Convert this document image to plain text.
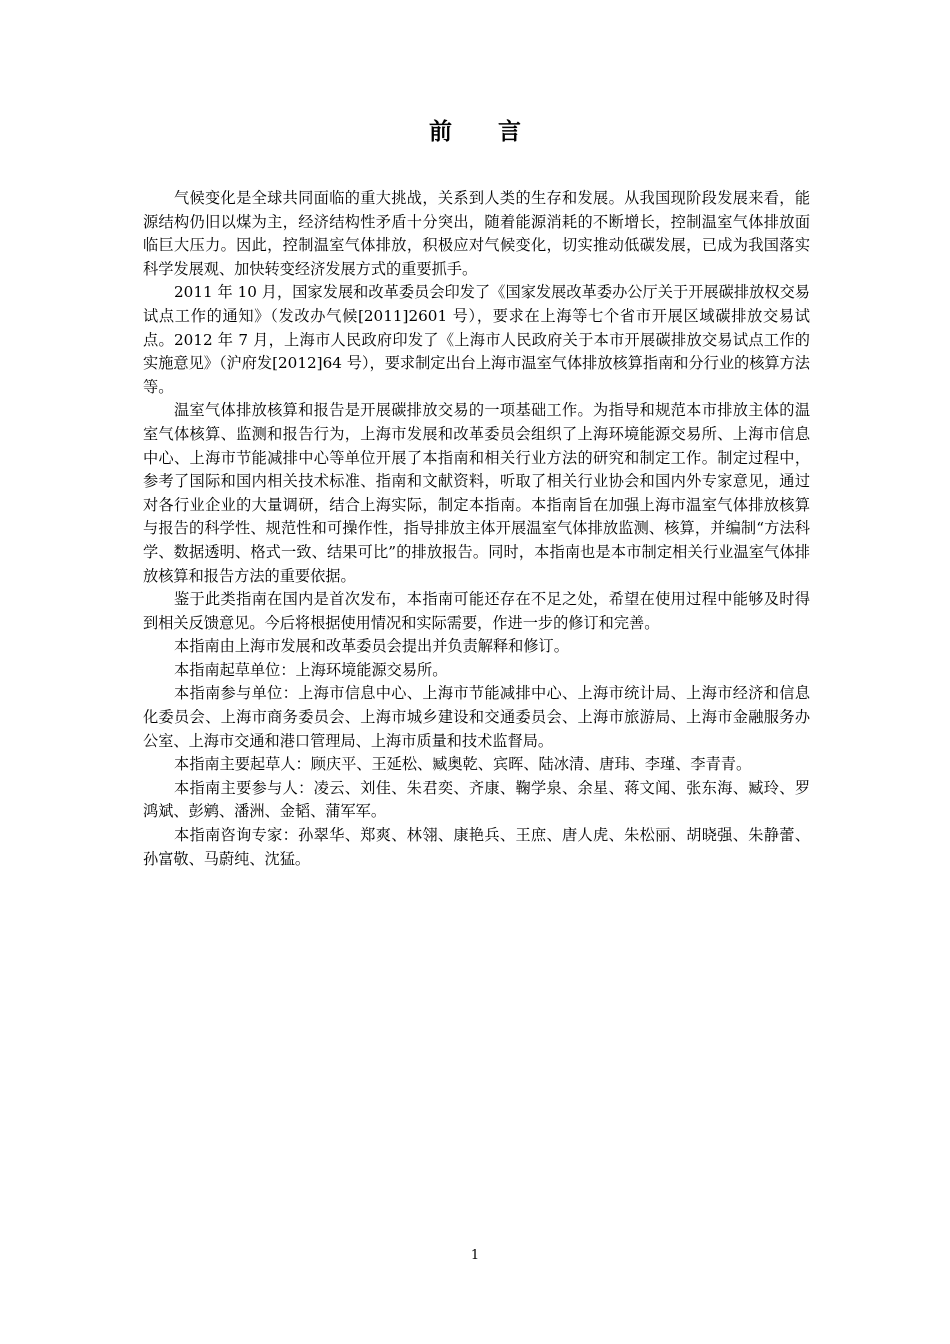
前言

气候变化是全球共同面临的重大挑战，关系到人类的生存和发展。从我国现阶段发展来看，能源结构仍旧以煤为主，经济结构性矛盾十分突出，随着能源消耗的不断增长，控制温室气体排放面临巨大压力。因此，控制温室气体排放，积极应对气候变化，切实推动低碳发展，已成为我国落实科学发展观、加快转变经济发展方式的重要抓手。

2011 年 10 月，国家发展和改革委员会印发了《国家发展改革委办公厅关于开展碳排放权交易试点工作的通知》（发改办气候[2011]2601 号），要求在上海等七个省市开展区域碳排放交易试点。2012 年 7 月，上海市人民政府印发了《上海市人民政府关于本市开展碳排放交易试点工作的实施意见》（沪府发[2012]64 号），要求制定出台上海市温室气体排放核算指南和分行业的核算方法等。

温室气体排放核算和报告是开展碳排放交易的一项基础工作。为指导和规范本市排放主体的温室气体核算、监测和报告行为，上海市发展和改革委员会组织了上海环境能源交易所、上海市信息中心、上海市节能减排中心等单位开展了本指南和相关行业方法的研究和制定工作。制定过程中，参考了国际和国内相关技术标准、指南和文献资料，听取了相关行业协会和国内外专家意见，通过对各行业企业的大量调研，结合上海实际，制定本指南。本指南旨在加强上海市温室气体排放核算与报告的科学性、规范性和可操作性，指导排放主体开展温室气体排放监测、核算，并编制“方法科学、数据透明、格式一致、结果可比”的排放报告。同时，本指南也是本市制定相关行业温室气体排放核算和报告方法的重要依据。

鉴于此类指南在国内是首次发布，本指南可能还存在不足之处，希望在使用过程中能够及时得到相关反馈意见。今后将根据使用情况和实际需要，作进一步的修订和完善。

本指南由上海市发展和改革委员会提出并负责解释和修订。

本指南起草单位：上海环境能源交易所。

本指南参与单位：上海市信息中心、上海市节能减排中心、上海市统计局、上海市经济和信息化委员会、上海市商务委员会、上海市城乡建设和交通委员会、上海市旅游局、上海市金融服务办公室、上海市交通和港口管理局、上海市质量和技术监督局。

本指南主要起草人：顾庆平、王延松、臧奥乾、宾晖、陆冰清、唐玮、李瑾、李青青。

本指南主要参与人：凌云、刘佳、朱君奕、齐康、鞠学泉、余星、蒋文闻、张东海、臧玲、罗鸿斌、彭鹓、潘洲、金韬、蒲军军。

本指南咨询专家：孙翠华、郑爽、林翎、康艳兵、王庶、唐人虎、朱松丽、胡晓强、朱静蕾、孙富敬、马蔚纯、沈猛。

1
